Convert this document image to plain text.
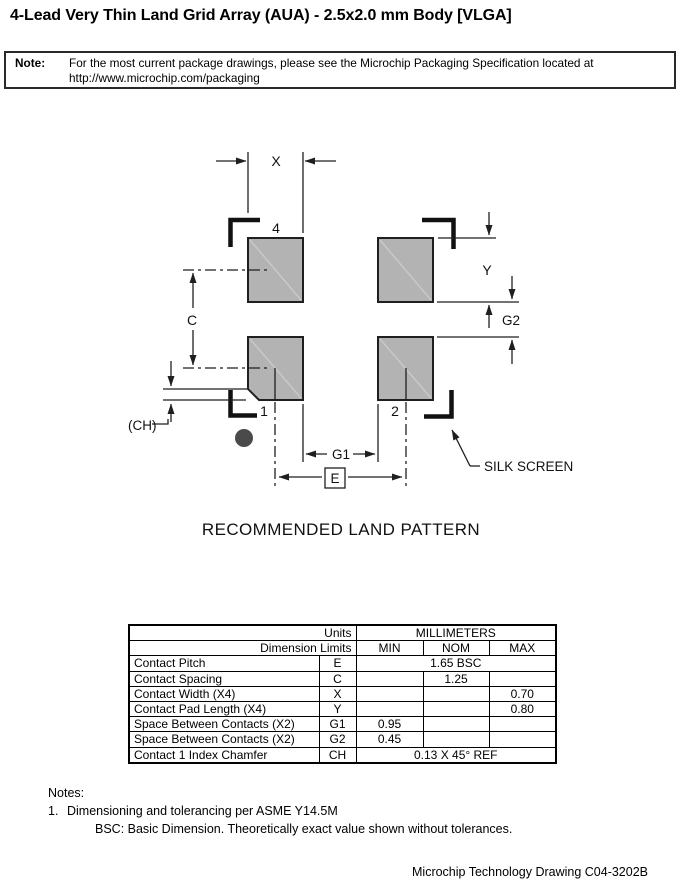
4-Lead Very Thin Land Grid Array (AUA) - 2.5x2.0 mm Body [VLGA]
Note:	For the most current package drawings, please see the Microchip Packaging Specification located at
http://www.microchip.com/packaging
X
4
Y
G2
C
(CH)
1	2
G1
E
SILK SCREEN
RECOMMENDED LAND PATTERN
Units		MILLIMETERS		
Dimension Limits		MIN	NOM	MAX
Contact Pitch	E	1.65 BSC		
Contact Spacing	C		1.25	
Contact Width (X4)	X			0.70
Contact Pad Length (X4)	Y			0.80
Space Between Contacts (X2)	G1	0.95		
Space Between Contacts (X2)	G2	0.45		
Contact 1 Index Chamfer	CH	0.13 X 45° REF		
Notes:
1. Dimensioning and tolerancing per ASME Y14.5M
BSC: Basic Dimension. Theoretically exact value shown without tolerances.
Microchip Technology Drawing C04-3202B
